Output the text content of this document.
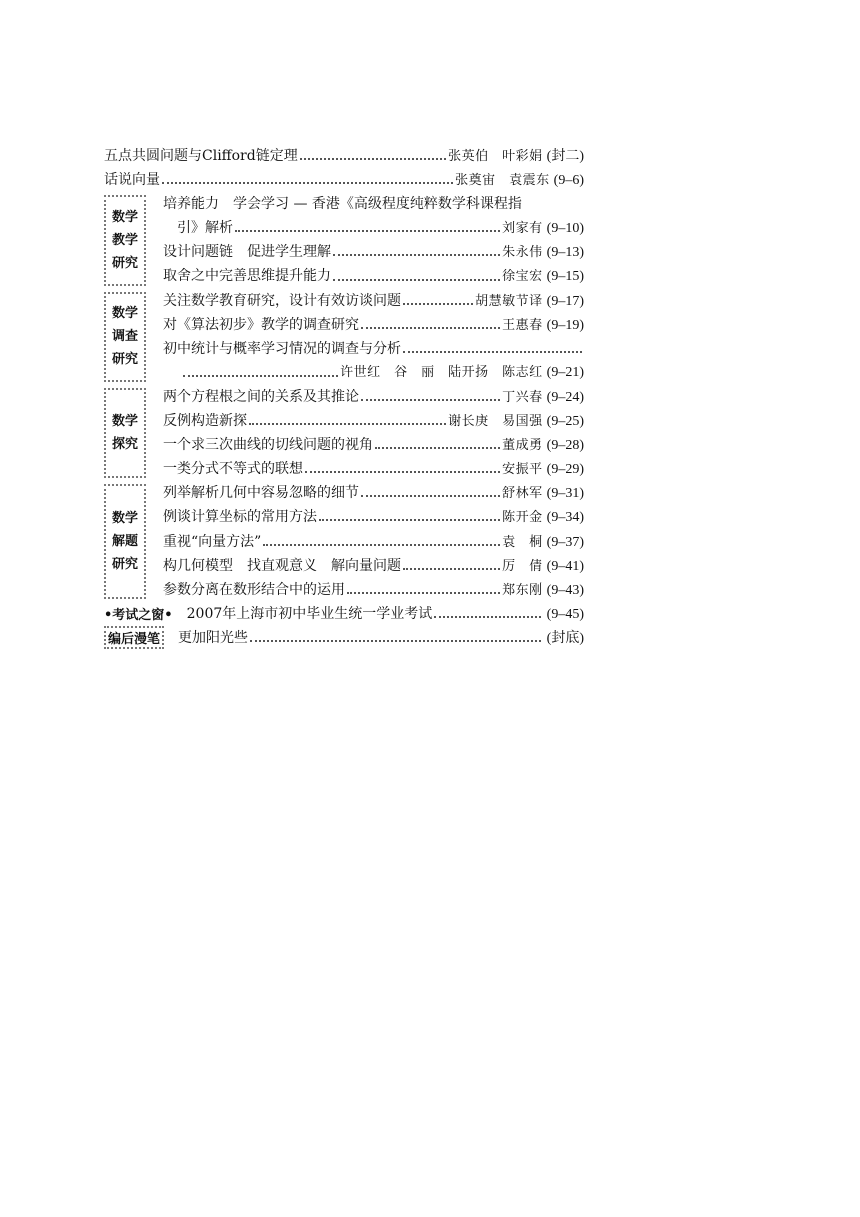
五点共圆问题与Clifford链定理	张英伯　叶彩娟 (封二)
话说向量	张奠宙　袁震东 (9–6)
数学
教学
研究
培养能力　学会学习 — 香港《高级程度纯粹数学科课程指
引》解析	刘家有 (9–10)
设计问题链　促进学生理解	朱永伟 (9–13)
取舍之中完善思维提升能力	徐宝宏 (9–15)
数学
调查
研究
关注数学教育研究，设计有效访谈问题	胡慧敏节译 (9–17)
对《算法初步》教学的调查研究	王惠春 (9–19)
初中统计与概率学习情况的调查与分析
许世红　谷　丽　陆开扬　陈志红 (9–21)
数学
探究
两个方程根之间的关系及其推论	丁兴春 (9–24)
反例构造新探	谢长庚　易国强 (9–25)
一个求三次曲线的切线问题的视角	董成勇 (9–28)
一类分式不等式的联想	安振平 (9–29)
数学
解题
研究
列举解析几何中容易忽略的细节	舒林军 (9–31)
例谈计算坐标的常用方法	陈开金 (9–34)
重视“向量方法”	袁　桐 (9–37)
构几何模型　找直观意义　解向量问题	厉　倩 (9–41)
参数分离在数形结合中的运用	郑东刚 (9–43)
•考试之窗• 2007年上海市初中毕业生统一学业考试	(9–45)
编后漫笔 更加阳光些	(封底)
